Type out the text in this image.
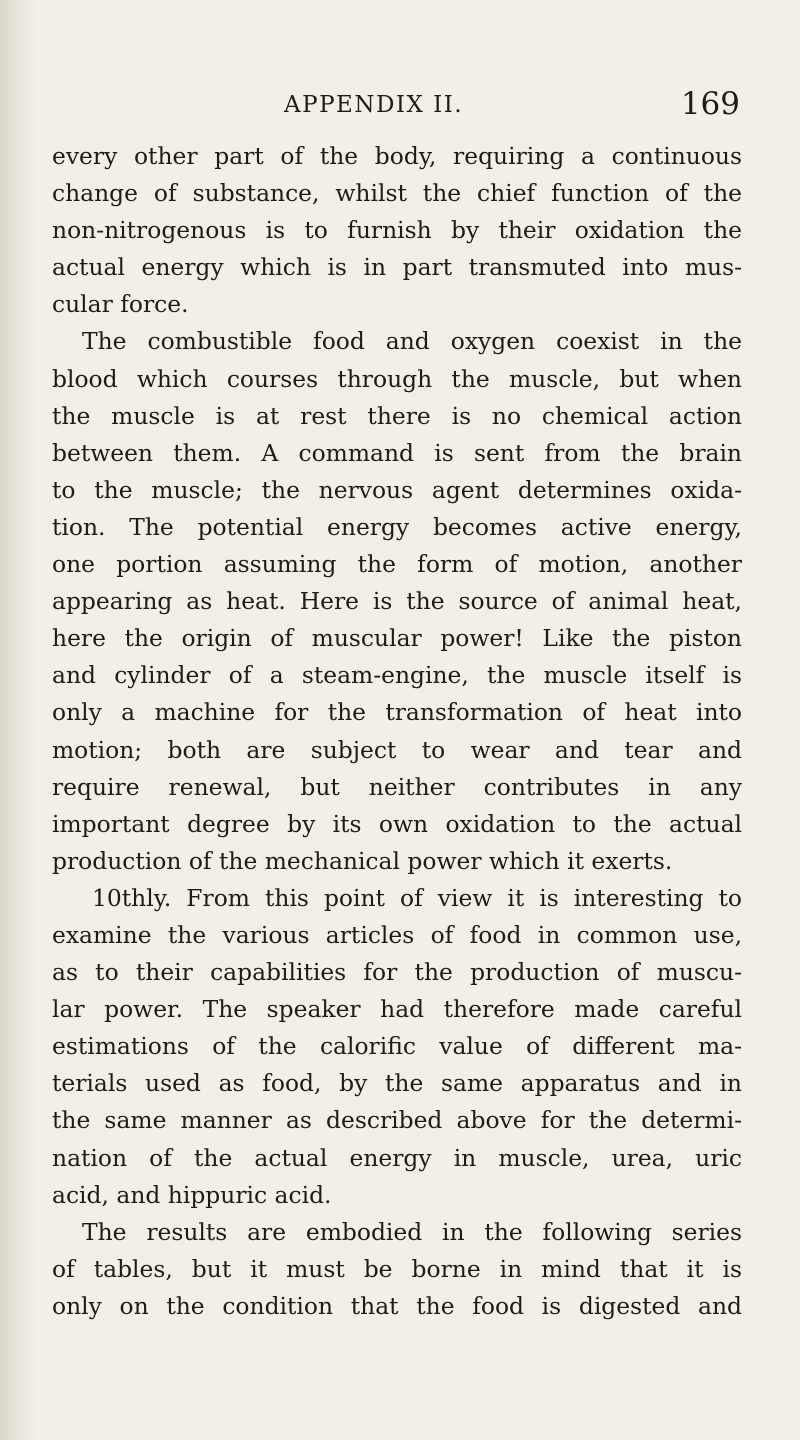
APPENDIX II.	169

every other part of the body, requiring a continuous
change of substance, whilst the chief function of the
non-nitrogenous is to furnish by their oxidation the
actual energy which is in part transmuted into mus-
cular force.

The combustible food and oxygen coexist in the
blood which courses through the muscle, but when
the muscle is at rest there is no chemical action
between them. A command is sent from the brain
to the muscle; the nervous agent determines oxida-
tion. The potential energy becomes active energy,
one portion assuming the form of motion, another
appearing as heat. Here is the source of animal heat,
here the origin of muscular power! Like the piston
and cylinder of a steam-engine, the muscle itself is
only a machine for the transformation of heat into
motion; both are subject to wear and tear and
require renewal, but neither contributes in any
important degree by its own oxidation to the actual
production of the mechanical power which it exerts.

10thly. From this point of view it is interesting to
examine the various articles of food in common use,
as to their capabilities for the production of muscu-
lar power. The speaker had therefore made careful
estimations of the calorific value of different ma-
terials used as food, by the same apparatus and in
the same manner as described above for the determi-
nation of the actual energy in muscle, urea, uric
acid, and hippuric acid.

The results are embodied in the following series
of tables, but it must be borne in mind that it is
only on the condition that the food is digested and
